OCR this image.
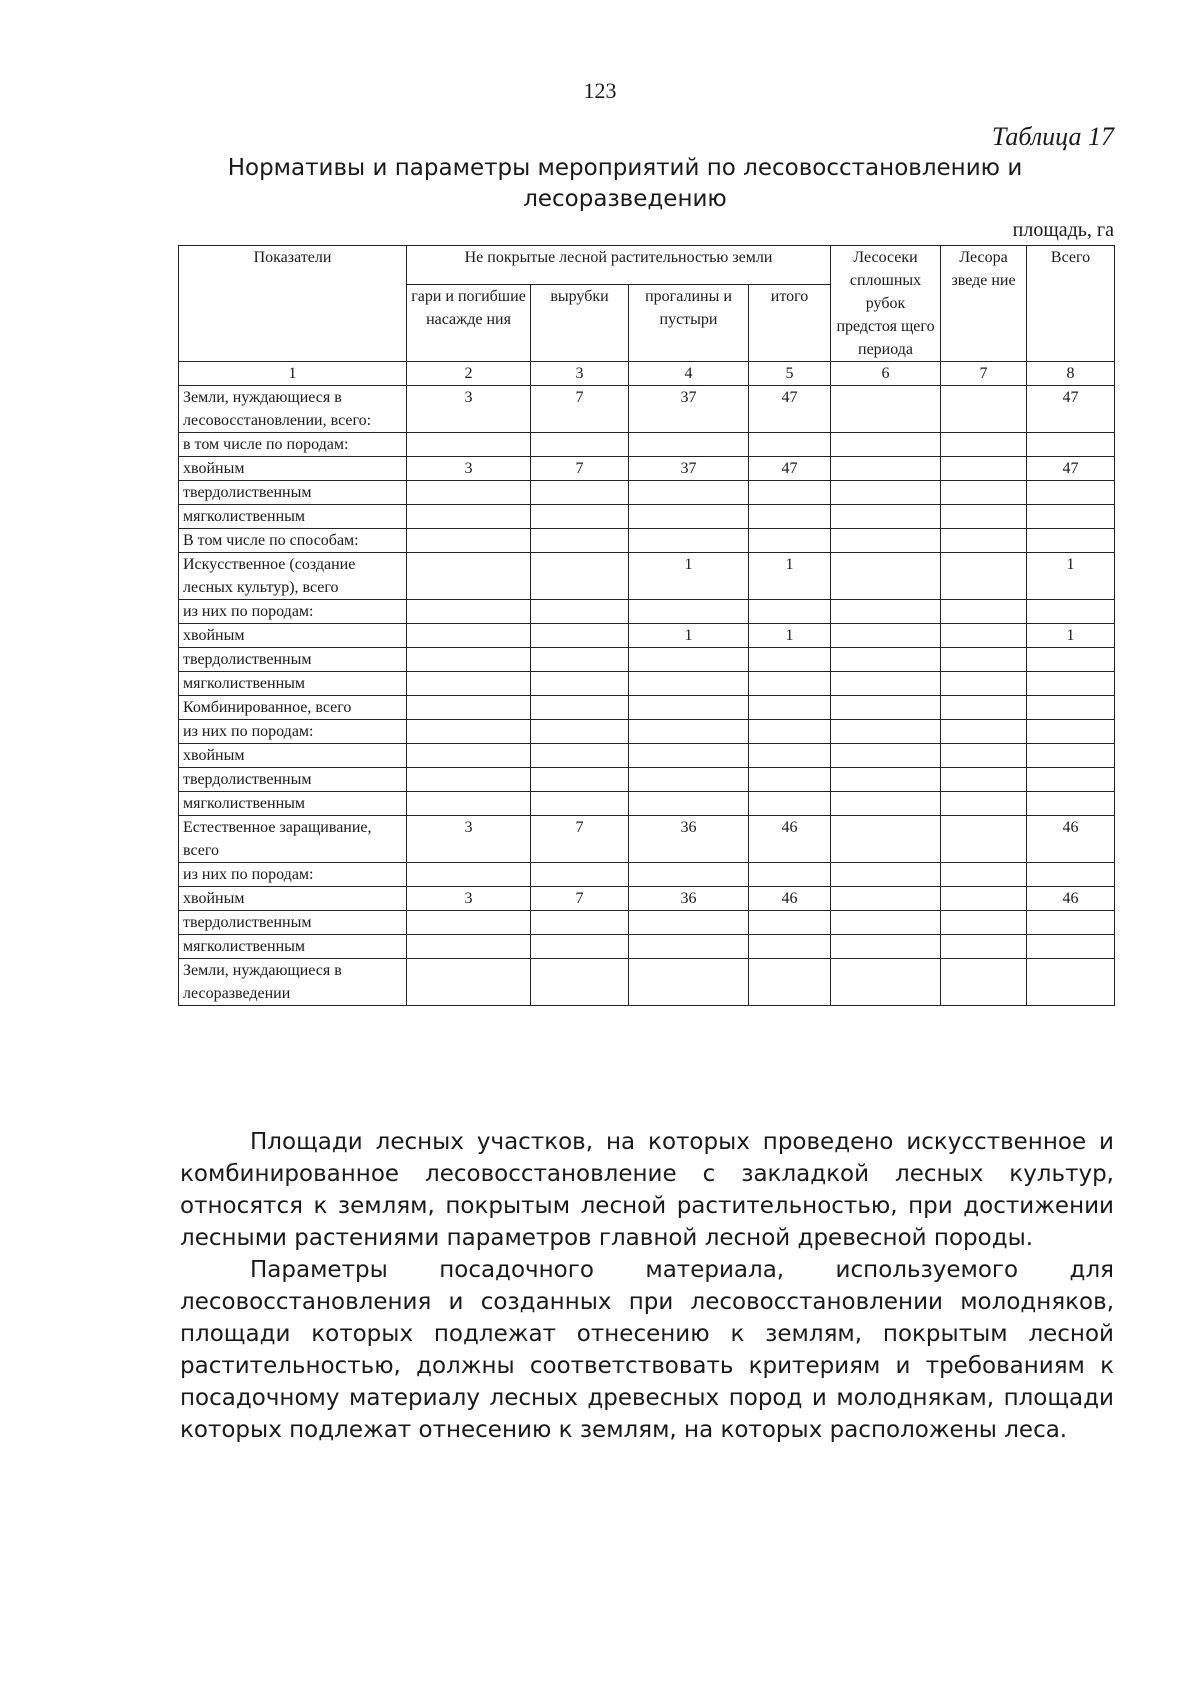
123
Таблица 17
Нормативы и параметры мероприятий по лесовосстановлению и лесоразведению
площадь, га
Показатели	Не покрытые лесной растительностью земли				Лесосеки сплошных рубок предстоя щего периода	Лесора зведе ние	Всего
	гари и погибшие насажде ния	вырубки	прогалины и пустыри	итого			
1	2	3	4	5	6	7	8
Земли, нуждающиеся в лесовосстановлении, всего:	3	7	37	47			47
в том числе по породам:							
хвойным	3	7	37	47			47
твердолиственным							
мягколиственным							
В том числе по способам:							
Искусственное (создание лесных культур), всего			1	1			1
из них по породам:							
хвойным			1	1			1
твердолиственным							
мягколиственным							
Комбинированное, всего							
из них по породам:							
хвойным							
твердолиственным							
мягколиственным							
Естественное заращивание, всего	3	7	36	46			46
из них по породам:							
хвойным	3	7	36	46			46
твердолиственным							
мягколиственным							
Земли, нуждающиеся в лесоразведении							

Площади лесных участков, на которых проведено искусственное и комбинированное лесовосстановление с закладкой лесных культур, относятся к землям, покрытым лесной растительностью, при достижении лесными растениями параметров главной лесной древесной породы.

Параметры посадочного материала, используемого для лесовосстановления и созданных при лесовосстановлении молодняков, площади которых подлежат отнесению к землям, покрытым лесной растительностью, должны соответствовать критериям и требованиям к посадочному материалу лесных древесных пород и молоднякам, площади которых подлежат отнесению к землям, на которых расположены леса.
